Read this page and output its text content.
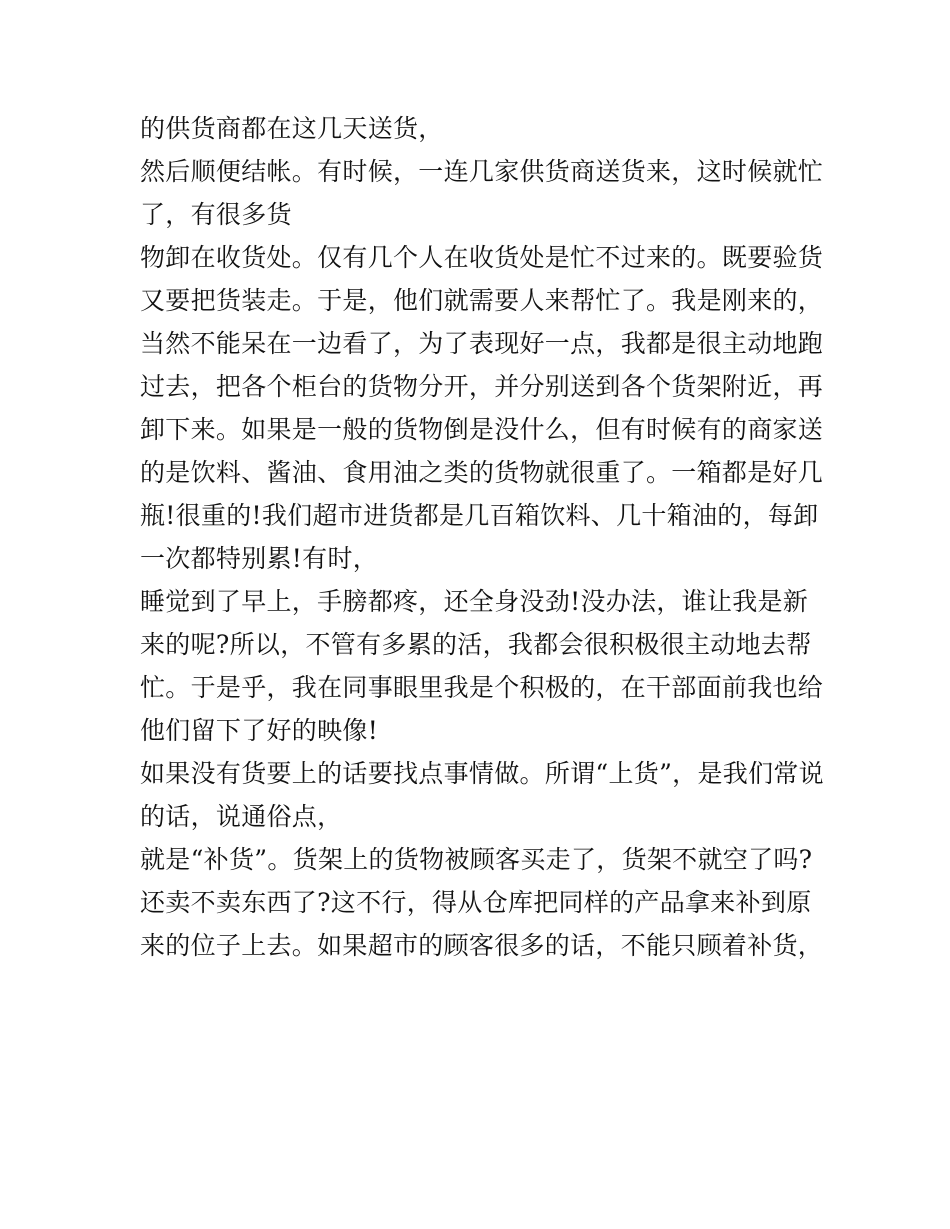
的供货商都在这几天送货，
然后顺便结帐。有时候，一连几家供货商送货来，这时候就忙
了，有很多货
物卸在收货处。仅有几个人在收货处是忙不过来的。既要验货
又要把货装走。于是，他们就需要人来帮忙了。我是刚来的，
当然不能呆在一边看了，为了表现好一点，我都是很主动地跑
过去，把各个柜台的货物分开，并分别送到各个货架附近，再
卸下来。如果是一般的货物倒是没什么，但有时候有的商家送
的是饮料、酱油、食用油之类的货物就很重了。一箱都是好几
瓶!很重的!我们超市进货都是几百箱饮料、几十箱油的，每卸
一次都特别累!有时，
睡觉到了早上，手膀都疼，还全身没劲!没办法，谁让我是新
来的呢?所以，不管有多累的活，我都会很积极很主动地去帮
忙。于是乎，我在同事眼里我是个积极的，在干部面前我也给
他们留下了好的映像!
如果没有货要上的话要找点事情做。所谓“上货”，是我们常说
的话，说通俗点，
就是“补货”。货架上的货物被顾客买走了，货架不就空了吗?
还卖不卖东西了?这不行，得从仓库把同样的产品拿来补到原
来的位子上去。如果超市的顾客很多的话，不能只顾着补货，
